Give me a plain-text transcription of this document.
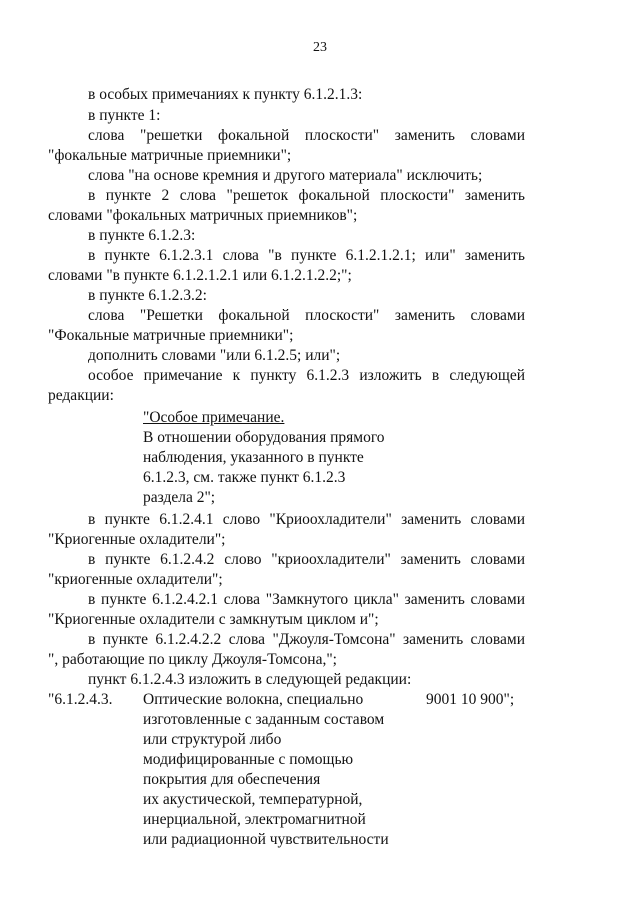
23
в особых примечаниях к пункту 6.1.2.1.3:
в пункте 1:
слова "решетки фокальной плоскости" заменить словами
"фокальные матричные приемники";
слова "на основе кремния и другого материала" исключить;
в пункте 2 слова "решеток фокальной плоскости" заменить
словами "фокальных матричных приемников";
в пункте 6.1.2.3:
в пункте 6.1.2.3.1 слова "в пункте 6.1.2.1.2.1; или" заменить
словами "в пункте 6.1.2.1.2.1 или 6.1.2.1.2.2;";
в пункте 6.1.2.3.2:
слова "Решетки фокальной плоскости" заменить словами
"Фокальные матричные приемники";
дополнить словами "или 6.1.2.5; или";
особое примечание к пункту 6.1.2.3 изложить в следующей
редакции:
"Особое примечание.
В отношении оборудования прямого
наблюдения, указанного в пункте
6.1.2.3, см. также пункт 6.1.2.3
раздела 2";
в пункте 6.1.2.4.1 слово "Криоохладители" заменить словами
"Криогенные охладители";
в пункте 6.1.2.4.2 слово "криоохладители" заменить словами
"криогенные охладители";
в пункте 6.1.2.4.2.1 слова "Замкнутого цикла" заменить словами
"Криогенные охладители с замкнутым циклом и";
в пункте 6.1.2.4.2.2 слова "Джоуля-Томсона" заменить словами
", работающие по циклу Джоуля-Томсона,";
пункт 6.1.2.4.3 изложить в следующей редакции:
"6.1.2.4.3.	9001 10 900";
Оптические волокна, специально
изготовленные с заданным составом
или структурой либо
модифицированные с помощью
покрытия для обеспечения
их акустической, температурной,
инерциальной, электромагнитной
или радиационной чувствительности
